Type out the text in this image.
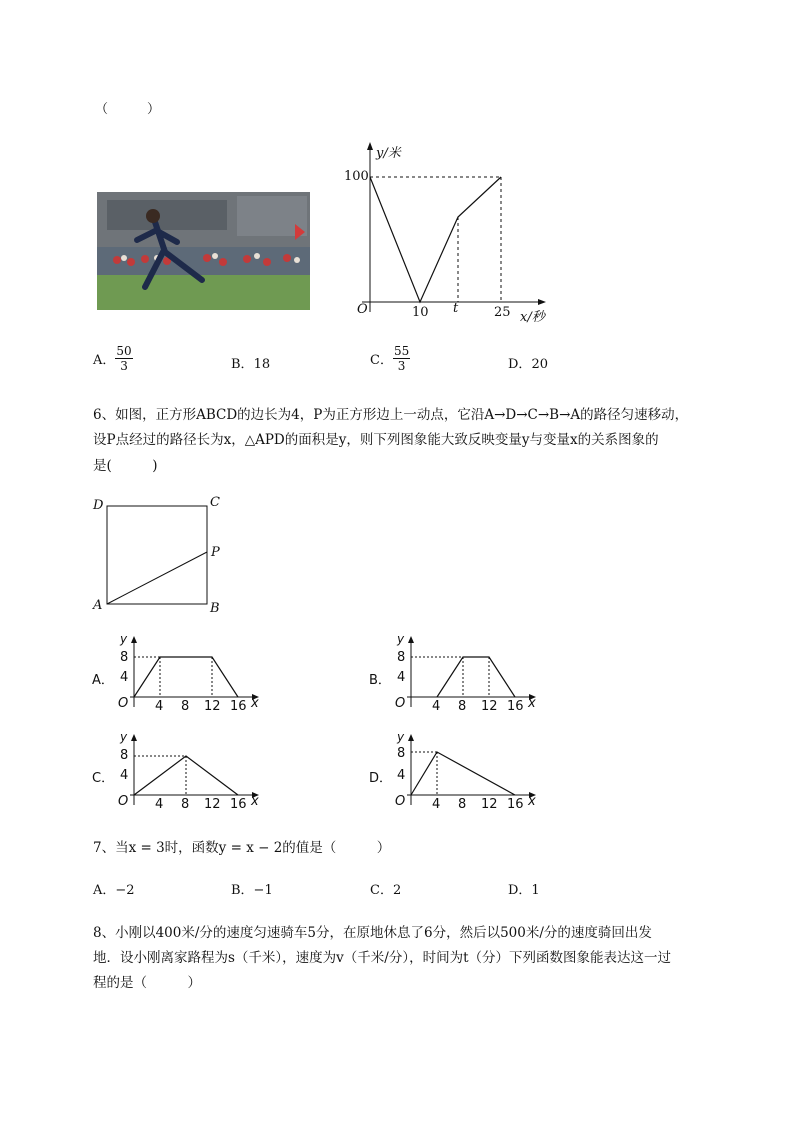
（　　　）
y/米
100
O	10 t	25 x/秒
A． $\frac{50}{3}$	B．18	C． $\frac{55}{3}$	D．20
6、如图，正方形ABCD的边长为4，P为正方形边上一动点，它沿A→D→C→B→A的路径匀速移动，
设P点经过的路径长为x，△APD的面积是y，则下列图象能大致反映变量y与变量x的关系图象的
是(　　　)
D	C
P
A	B
A．
y
8
4
O 4 8 12 16 x
B．
y
8
4
O 4 8 12 16 x
C．
y
8
4
O 4 8 12 16 x
D．
y
8
4
O 4 8 12 16 x
7、当x = 3时，函数y = x − 2的值是（　　　）
A．−2	B．−1	C．2	D．1
8、小刚以400米/分的速度匀速骑车5分，在原地休息了6分，然后以500米/分的速度骑回出发
地．设小刚离家路程为s（千米），速度为v（千米/分），时间为t（分）下列函数图象能表达这一过
程的是（　　　）
